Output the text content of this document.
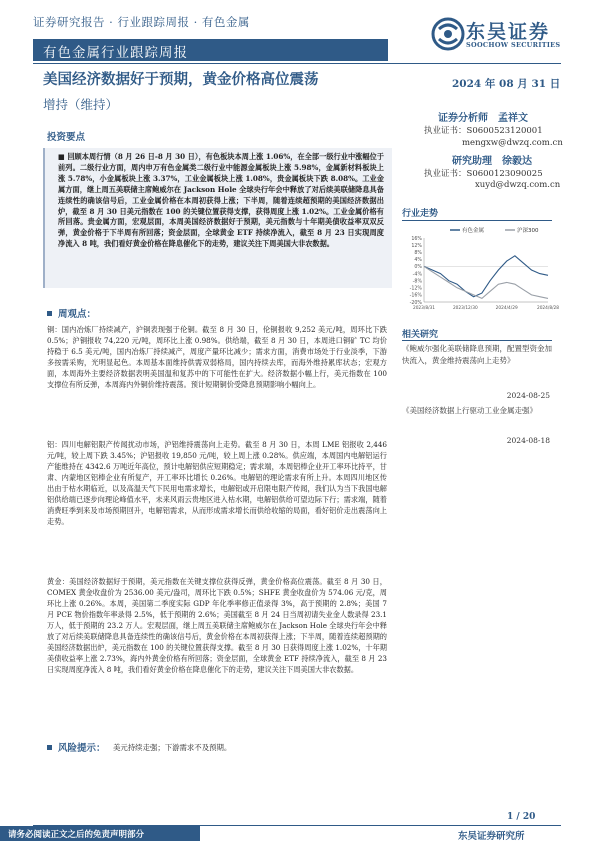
证券研究报告 · 行业跟踪周报 · 有色金属
有色金属行业跟踪周报
东吴证券
SOOCHOW SECURITIES
美国经济数据好于预期，黄金价格高位震荡	2024 年 08 月 31 日
增持（维持）
证券分析师　孟祥文
执业证书：S0600523120001
mengxw@dwzq.com.cn
研究助理　徐毅达
执业证书：S0600123090025
xuyd@dwzq.com.cn
投资要点
■ 回顾本周行情（8 月 26 日-8 月 30 日），有色板块本周上涨 1.06%，在全部一级行业中涨幅位于前列。二级行业方面，周内申万有色金属类二级行业中能源金属板块上涨 5.98%，金属新材料板块上涨 5.78%，小金属板块上涨 3.37%，工业金属板块上涨 1.08%，贵金属板块下跌 8.08%。工业金属方面，继上周五美联储主席鲍威尔在 Jackson Hole 全球央行年会中释放了对后续美联储降息具备连续性的确该信号后，工业金属价格在本周初获得上涨；下半周，随着连续超预期的美国经济数据出炉，截至 8 月 30 日美元指数在 100 的关键位置获得支撑，获得周度上涨 1.02%。工业金属价格有所回落。贵金属方面，宏观层面，本周美国经济数据好于预期，美元指数与十年期美债收益率双双反弹，黄金价格于下半周有所回落；资金层面，全球黄金 ETF 持续净流入，截至 8 月 23 日实现周度净流入 8 吨，我们看好黄金价格在降息催化下的走势，建议关注下周美国大非农数据。
周观点：
铜：国内冶炼厂持续减产，沪铜表现强于伦铜。截至 8 月 30 日，伦铜报收 9,252 美元/吨，周环比下跌 0.5%；沪铜报收 74,220 元/吨，周环比上涨 0.98%。供给端，截至 8 月 30 日，本周进口铜矿 TC 均价持稳于 6.5 美元/吨，国内冶炼厂持续减产，周度产量环比减少；需求方面，消费市场处于行业淡季，下游多按需采购，光明显起色。本周基本面维持供需双弱格局，国内持续去库，而海外维持累库状态；宏观方面，本周海外主要经济数据表明美国温和复苏中的下可能性在扩大。经济数据小幅上行，美元指数在 100 支撑位有所反弹，本周海内外铜价维持震荡。预计短期铜价受降息预期影响小幅向上。
铝：四川电解铝限产传闻扰动市场，沪铝维持震荡向上走势。截至 8 月 30 日，本周 LME 铝报收 2,446 元/吨，较上周下跌 3.45%；沪铝报收 19,850 元/吨，较上周上涨 0.28%。供应端，本周国内电解铝运行产能维持在 4342.6 万吨近年高位，预计电解铝供应短期稳定；需求端，本周铝棒企业开工率环比持平，甘肃、内蒙地区铝棒企业有所复产，开工率环比增长 0.26%。电解铝的理论需求有所上升。本周四川地区传出由于枯水期临近，以及高温天气下民用电需求增长，电解铝或开启限电限产传闻，我们认为当下我国电解铝供给端已逐步向理论峰值水平，未来风雨云贵地区进入枯水期，电解铝供给可望边际下行；需求端，随着消费旺季到来及市场预期回升，电解铝需求，从而形成需求增长而供给收缩的局面，看好铝价走出震荡向上走势。
黄金：美国经济数据好于预期，美元指数在关键支撑位获得反弹，黄金价格高位震荡。截至 8 月 30 日，COMEX 黄金收盘价为 2536.00 美元/盎司，周环比下跌 0.5%；SHFE 黄金收盘价为 574.06 元/克，周环比上涨 0.26%。本周，美国第二季度实际 GDP 年化季率修正值录得 3%，高于预期的 2.8%；美国 7 月 PCE 物价指数年率录得 2.5%，低于预期的 2.6%；美国截至 8 月 24 日当周初请失业金人数录得 23.1 万人，低于预期的 23.2 万人。宏观层面，继上周五美联储主席鲍威尔在 Jackson Hole 全球央行年会中释放了对后续美联储降息具备连续性的确该信号后，黄金价格在本周初获得上涨；下半周，随着连续超预期的美国经济数据出炉，美元指数在 100 的关键位置获得支撑。截至 8 月 30 日获得周度上涨 1.02%，十年期美债收益率上涨 2.73%，海内外黄金价格有所回落；资金层面，全球黄金 ETF 持续净流入，截至 8 月 23 日实现周度净流入 8 吨，我们看好黄金价格在降息催化下的走势，建议关注下周美国大非农数据。
风险提示： 美元持续走强；下游需求不及预期。
行业走势
有色金属	沪深300
16%
12%
8%
4%
0%
-4%
-8%
-12%
-16%
-20%
2023/8/31	2023/12/30	2024/4/29	2024/8/28
相关研究
《鲍威尔强化美联储降息预期，配置型资金加快流入，黄金维持震荡向上走势》
2024-08-25
《美国经济数据上行驱动工业金属走强》
2024-08-18
1 / 20
请务必阅读正文之后的免责声明部分	东吴证券研究所
